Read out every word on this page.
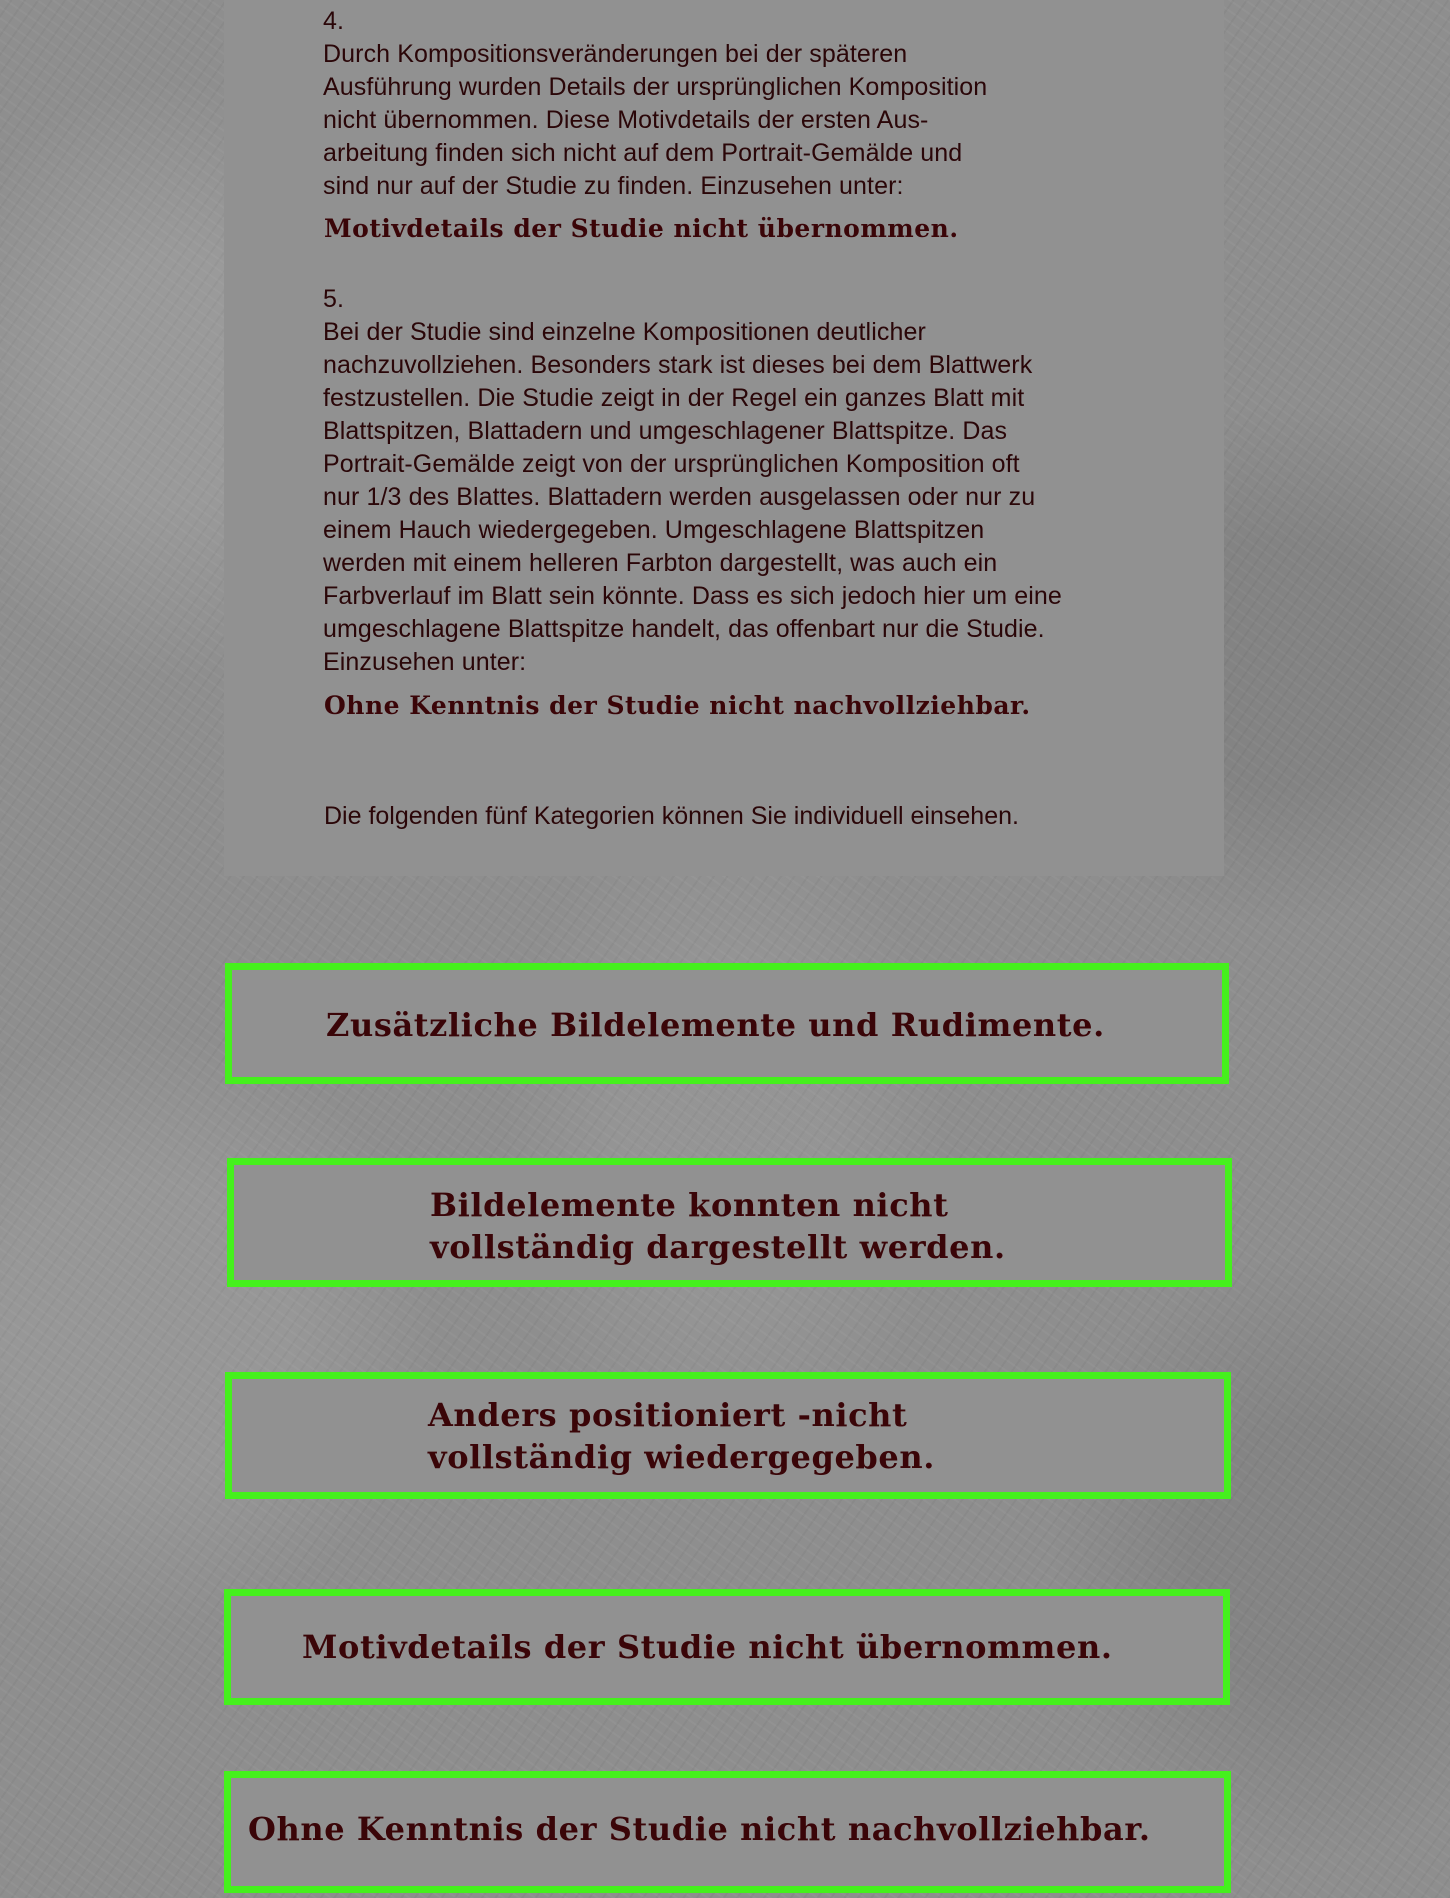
4.
Durch Kompositionsveränderungen bei der späteren
Ausführung wurden Details der ursprünglichen Komposition
nicht übernommen. Diese Motivdetails der ersten Aus-
arbeitung finden sich nicht auf dem Portrait-Gemälde und
sind nur auf der Studie zu finden. Einzusehen unter:
Motivdetails der Studie nicht übernommen.
5.
Bei der Studie sind einzelne Kompositionen deutlicher
nachzuvollziehen. Besonders stark ist dieses bei dem Blattwerk
festzustellen. Die Studie zeigt in der Regel ein ganzes Blatt mit
Blattspitzen, Blattadern und umgeschlagener Blattspitze. Das
Portrait-Gemälde zeigt von der ursprünglichen Komposition oft
nur 1/3 des Blattes. Blattadern werden ausgelassen oder nur zu
einem Hauch wiedergegeben. Umgeschlagene Blattspitzen
werden mit einem helleren Farbton dargestellt, was auch ein
Farbverlauf im Blatt sein könnte. Dass es sich jedoch hier um eine
umgeschlagene Blattspitze handelt, das offenbart nur die Studie.
Einzusehen unter:
Ohne Kenntnis der Studie nicht nachvollziehbar.
Die folgenden fünf Kategorien können Sie individuell einsehen.
Zusätzliche Bildelemente und Rudimente.
Bildelemente konnten nicht
vollständig dargestellt werden.
Anders positioniert -nicht
vollständig wiedergegeben.
Motivdetails der Studie nicht übernommen.
Ohne Kenntnis der Studie nicht nachvollziehbar.
